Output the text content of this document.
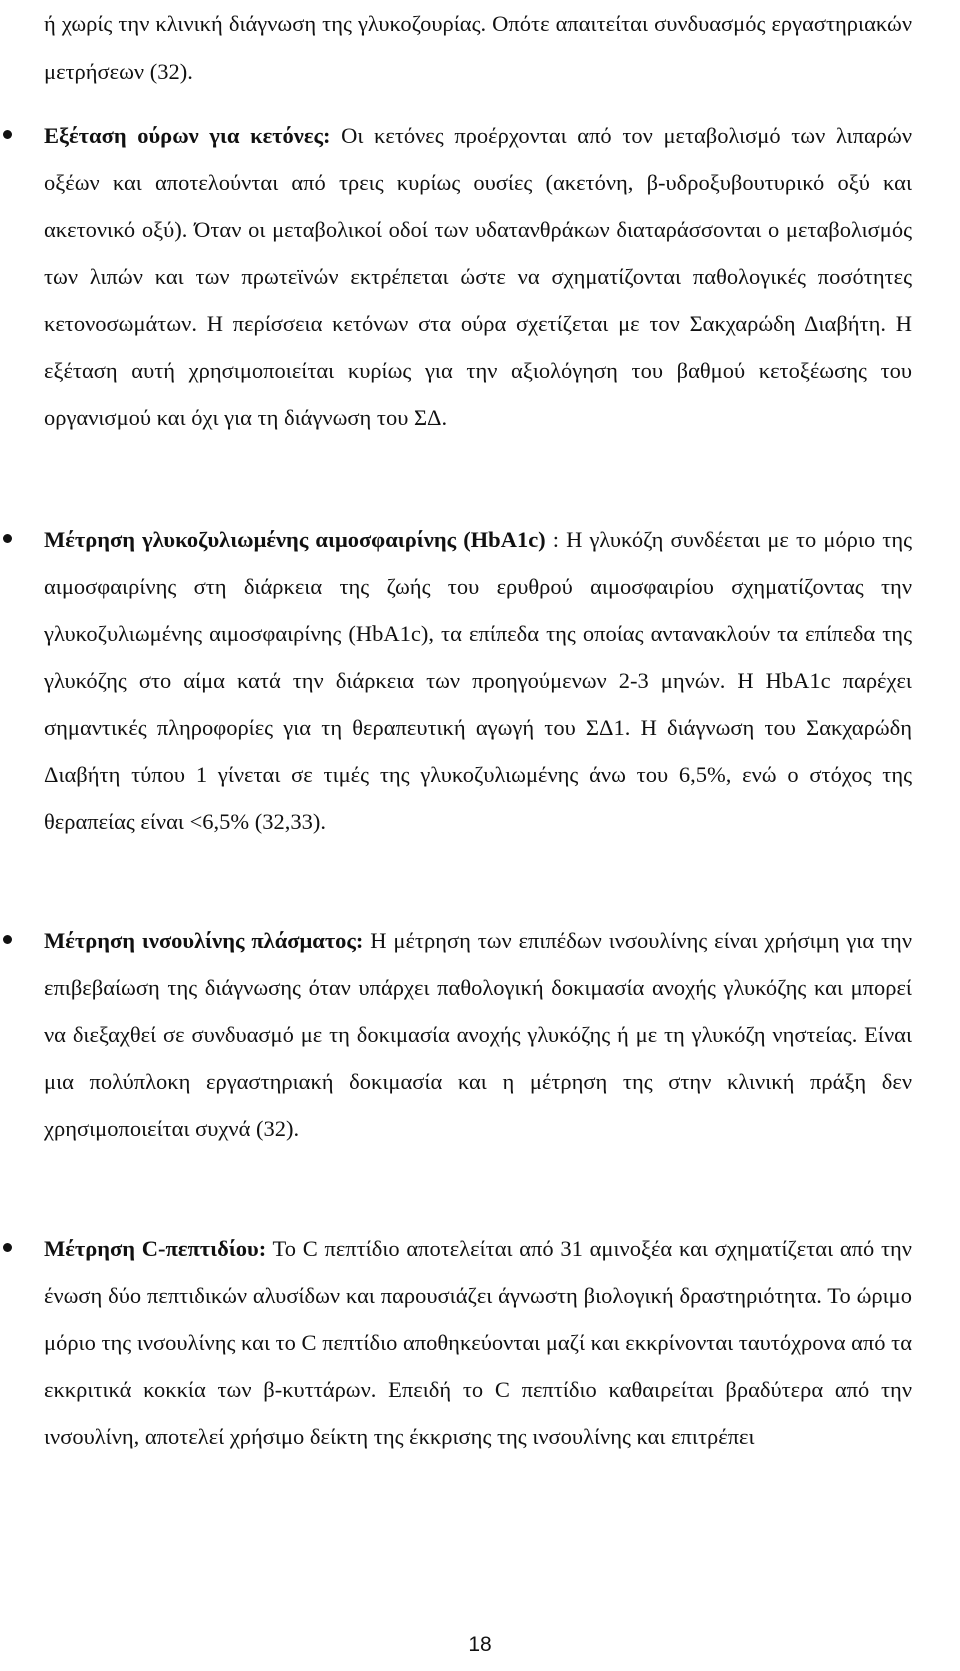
ή χωρίς την κλινική διάγνωση της γλυκοζουρίας. Οπότε απαιτείται συνδυασμός εργαστηριακών μετρήσεων (32).

Εξέταση ούρων για κετόνες: Οι κετόνες προέρχονται από τον μεταβολισμό των λιπαρών οξέων και αποτελούνται από τρεις κυρίως ουσίες (ακετόνη, β-υδροξυβουτυρικό οξύ και ακετονικό οξύ). Όταν οι μεταβολικοί οδοί των υδατανθράκων διαταράσσονται ο μεταβολισμός των λιπών και των πρωτεϊνών εκτρέπεται ώστε να σχηματίζονται παθολογικές ποσότητες κετονοσωμάτων. Η περίσσεια κετόνων στα ούρα σχετίζεται με τον Σακχαρώδη Διαβήτη. Η εξέταση αυτή χρησιμοποιείται κυρίως για την αξιολόγηση του βαθμού κετοξέωσης του οργανισμού και όχι για τη διάγνωση του ΣΔ.

Μέτρηση γλυκοζυλιωμένης αιμοσφαιρίνης (HbA1c) : Η γλυκόζη συνδέεται με το μόριο της αιμοσφαιρίνης στη διάρκεια της ζωής του ερυθρού αιμοσφαιρίου σχηματίζοντας την γλυκοζυλιωμένης αιμοσφαιρίνης (HbA1c), τα επίπεδα της οποίας αντανακλούν τα επίπεδα της γλυκόζης στο αίμα κατά την διάρκεια των προηγούμενων 2-3 μηνών. Η HbA1c παρέχει σημαντικές πληροφορίες για τη θεραπευτική αγωγή του ΣΔ1. Η διάγνωση του Σακχαρώδη Διαβήτη τύπου 1 γίνεται σε τιμές της γλυκοζυλιωμένης άνω του 6,5%, ενώ ο στόχος της θεραπείας είναι <6,5% (32,33).

Μέτρηση ινσουλίνης πλάσματος: Η μέτρηση των επιπέδων ινσουλίνης είναι χρήσιμη για την επιβεβαίωση της διάγνωσης όταν υπάρχει παθολογική δοκιμασία ανοχής γλυκόζης και μπορεί να διεξαχθεί σε συνδυασμό με τη δοκιμασία ανοχής γλυκόζης ή με τη γλυκόζη νηστείας. Είναι μια πολύπλοκη εργαστηριακή δοκιμασία και η μέτρηση της στην κλινική πράξη δεν χρησιμοποιείται συχνά (32).

Μέτρηση C-πεπτιδίου: Το C πεπτίδιο αποτελείται από 31 αμινοξέα και σχηματίζεται από την ένωση δύο πεπτιδικών αλυσίδων και παρουσιάζει άγνωστη βιολογική δραστηριότητα. Το ώριμο μόριο της ινσουλίνης και το C πεπτίδιο αποθηκεύονται μαζί και εκκρίνονται ταυτόχρονα από τα εκκριτικά κοκκία των β-κυττάρων. Επειδή το C πεπτίδιο καθαιρείται βραδύτερα από την ινσουλίνη, αποτελεί χρήσιμο δείκτη της έκκρισης της ινσουλίνης και επιτρέπει

18
